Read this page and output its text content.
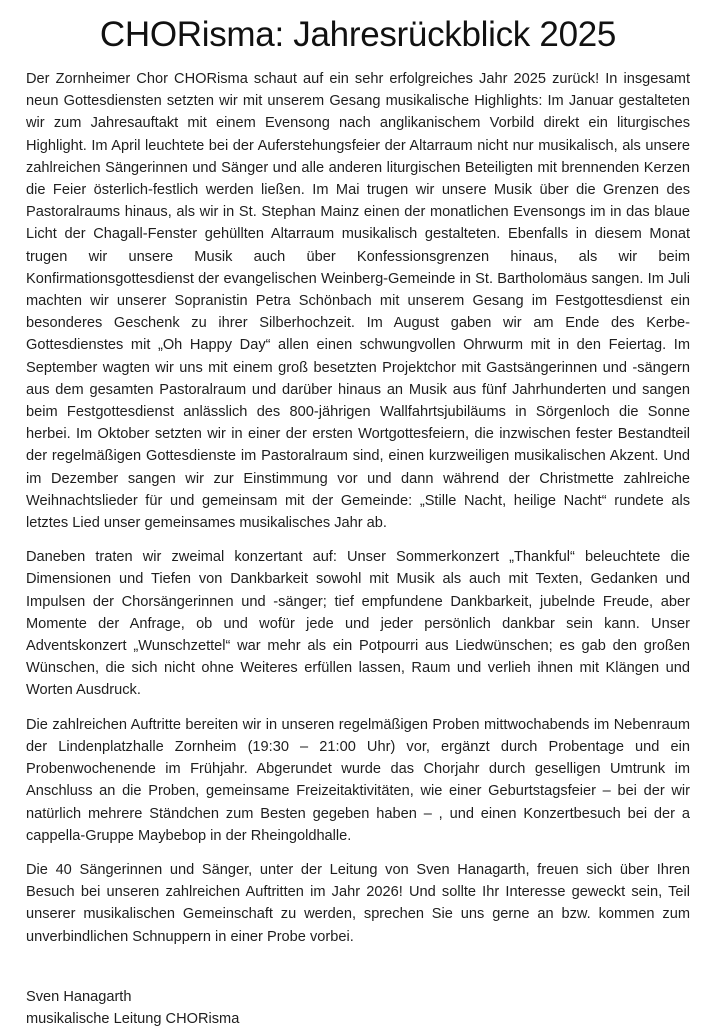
CHORisma: Jahresrückblick 2025

Der Zornheimer Chor CHORisma schaut auf ein sehr erfolgreiches Jahr 2025 zurück! In insgesamt neun Gottesdiensten setzten wir mit unserem Gesang musikalische Highlights: Im Januar gestalteten wir zum Jahresauftakt mit einem Evensong nach anglikanischem Vorbild direkt ein liturgisches Highlight. Im April leuchtete bei der Auferstehungsfeier der Altarraum nicht nur musikalisch, als unsere zahlreichen Sängerinnen und Sänger und alle anderen liturgischen Beteiligten mit brennenden Kerzen die Feier österlich-festlich werden ließen. Im Mai trugen wir unsere Musik über die Grenzen des Pastoralraums hinaus, als wir in St. Stephan Mainz einen der monatlichen Evensongs im in das blaue Licht der Chagall-Fenster gehüllten Altarraum musikalisch gestalteten. Ebenfalls in diesem Monat trugen wir unsere Musik auch über Konfessionsgrenzen hinaus, als wir beim Konfirmationsgottesdienst der evangelischen Weinberg-Gemeinde in St. Bartholomäus sangen. Im Juli machten wir unserer Sopranistin Petra Schönbach mit unserem Gesang im Festgottesdienst ein besonderes Geschenk zu ihrer Silberhochzeit. Im August gaben wir am Ende des Kerbe-Gottesdienstes mit „Oh Happy Day“ allen einen schwungvollen Ohrwurm mit in den Feiertag. Im September wagten wir uns mit einem groß besetzten Projektchor mit Gastsängerinnen und -sängern aus dem gesamten Pastoralraum und darüber hinaus an Musik aus fünf Jahrhunderten und sangen beim Festgottesdienst anlässlich des 800-jährigen Wallfahrtsjubiläums in Sörgenloch die Sonne herbei. Im Oktober setzten wir in einer der ersten Wortgottesfeiern, die inzwischen fester Bestandteil der regelmäßigen Gottesdienste im Pastoralraum sind, einen kurzweiligen musikalischen Akzent. Und im Dezember sangen wir zur Einstimmung vor und dann während der Christmette zahlreiche Weihnachtslieder für und gemeinsam mit der Gemeinde: „Stille Nacht, heilige Nacht“ rundete als letztes Lied unser gemeinsames musikalisches Jahr ab.

Daneben traten wir zweimal konzertant auf: Unser Sommerkonzert „Thankful“ beleuchtete die Dimensionen und Tiefen von Dankbarkeit sowohl mit Musik als auch mit Texten, Gedanken und Impulsen der Chorsängerinnen und -sänger; tief empfundene Dankbarkeit, jubelnde Freude, aber Momente der Anfrage, ob und wofür jede und jeder persönlich dankbar sein kann. Unser Adventskonzert „Wunschzettel“ war mehr als ein Potpourri aus Liedwünschen; es gab den großen Wünschen, die sich nicht ohne Weiteres erfüllen lassen, Raum und verlieh ihnen mit Klängen und Worten Ausdruck.

Die zahlreichen Auftritte bereiten wir in unseren regelmäßigen Proben mittwochabends im Nebenraum der Lindenplatzhalle Zornheim (19:30 – 21:00 Uhr) vor, ergänzt durch Probentage und ein Probenwochenende im Frühjahr. Abgerundet wurde das Chorjahr durch geselligen Umtrunk im Anschluss an die Proben, gemeinsame Freizeitaktivitäten, wie einer Geburtstagsfeier – bei der wir natürlich mehrere Ständchen zum Besten gegeben haben – , und einen Konzertbesuch bei der a cappella-Gruppe Maybebop in der Rheingoldhalle.

Die 40 Sängerinnen und Sänger, unter der Leitung von Sven Hanagarth, freuen sich über Ihren Besuch bei unseren zahlreichen Auftritten im Jahr 2026! Und sollte Ihr Interesse geweckt sein, Teil unserer musikalischen Gemeinschaft zu werden, sprechen Sie uns gerne an bzw. kommen zum unverbindlichen Schnuppern in einer Probe vorbei.

Sven Hanagarth
musikalische Leitung CHORisma
